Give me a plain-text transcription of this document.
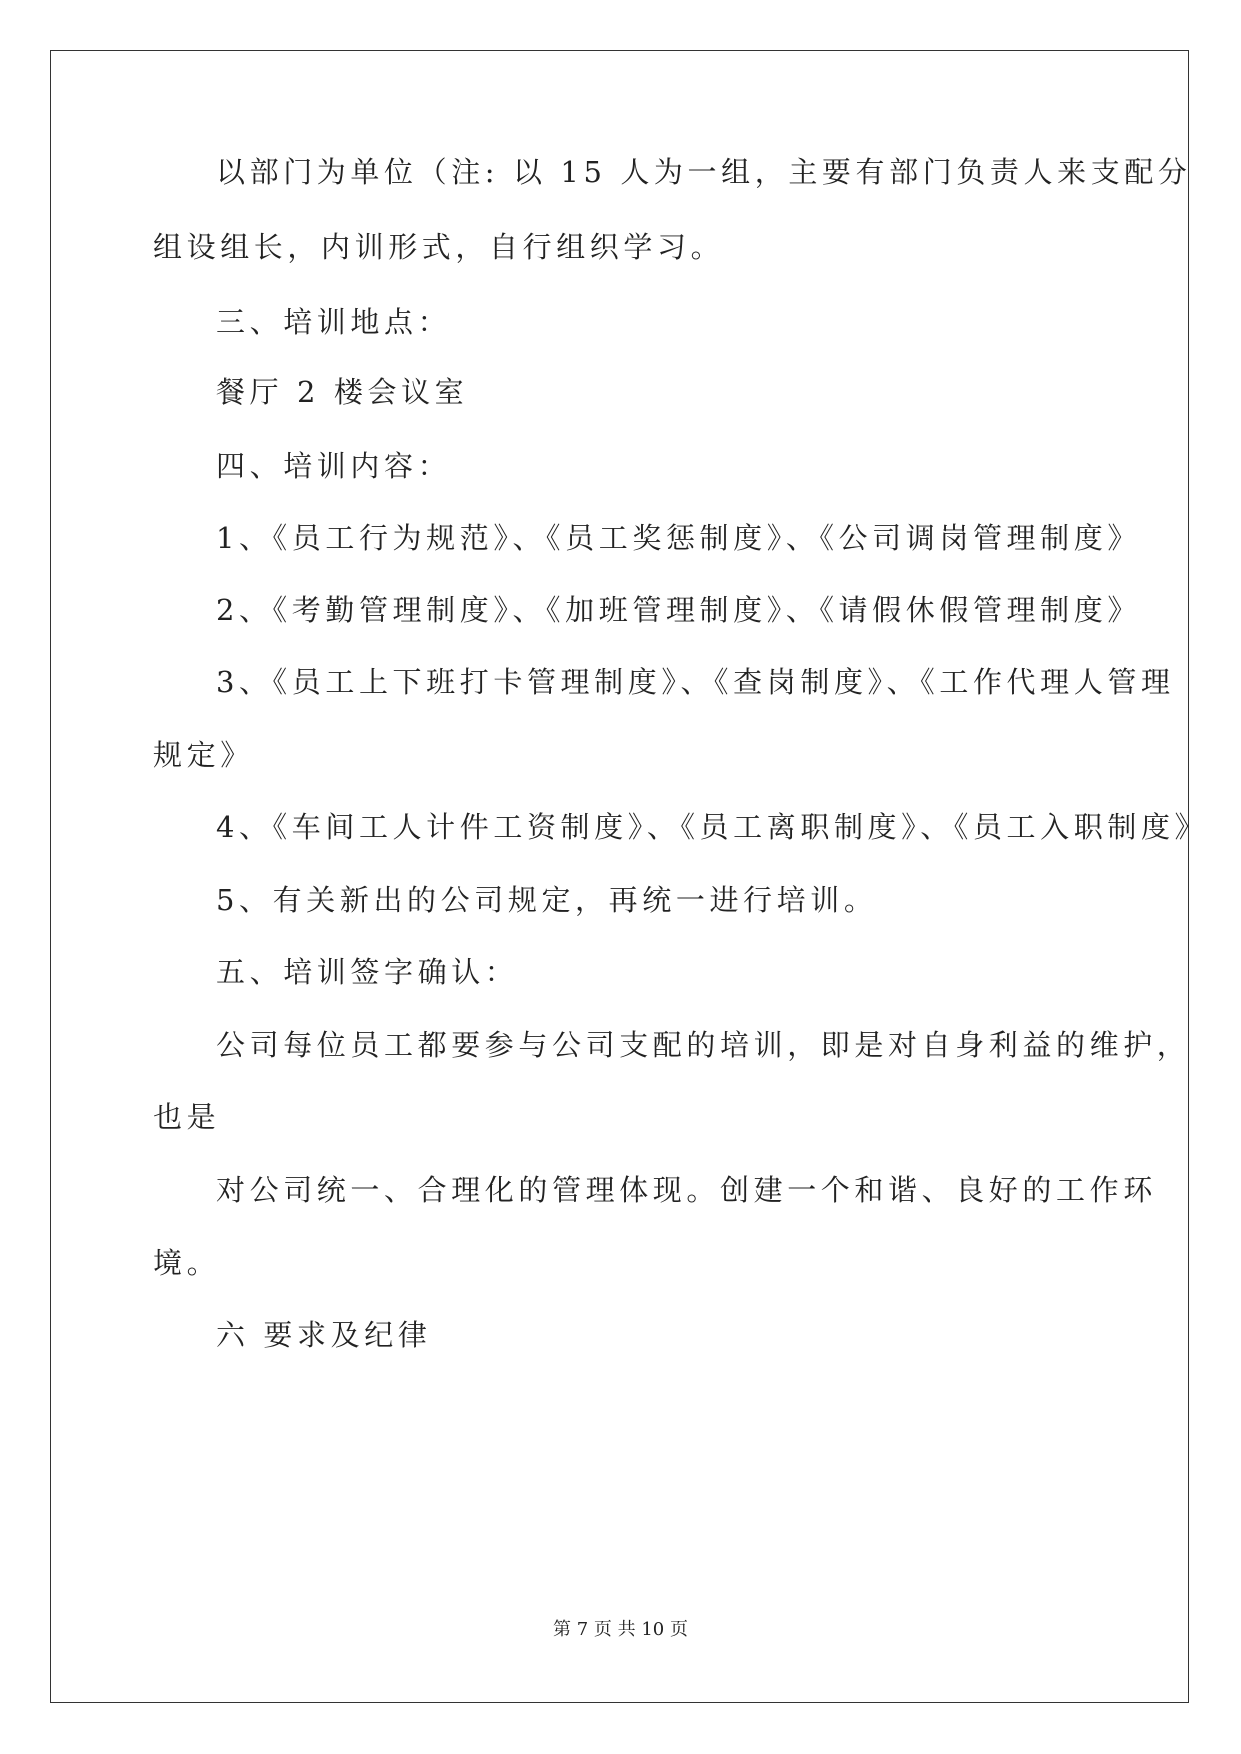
以部门为单位（注: 以 15 人为一组，主要有部门负责人来支配分
组设组长，内训形式，自行组织学习。
三、培训地点：
餐厅 2 楼会议室
四、培训内容：
1、《员工行为规范》、《员工奖惩制度》、《公司调岗管理制度》
2、《考勤管理制度》、《加班管理制度》、《请假休假管理制度》
3、《员工上下班打卡管理制度》、《查岗制度》、《工作代理人管理
规定》
4、《车间工人计件工资制度》、《员工离职制度》、《员工入职制度》
5、有关新出的公司规定，再统一进行培训。
五、培训签字确认：
公司每位员工都要参与公司支配的培训，即是对自身利益的维护，
也是
对公司统一、合理化的管理体现。创建一个和谐、良好的工作环
境。
六 要求及纪律
第 7 页 共 10 页
